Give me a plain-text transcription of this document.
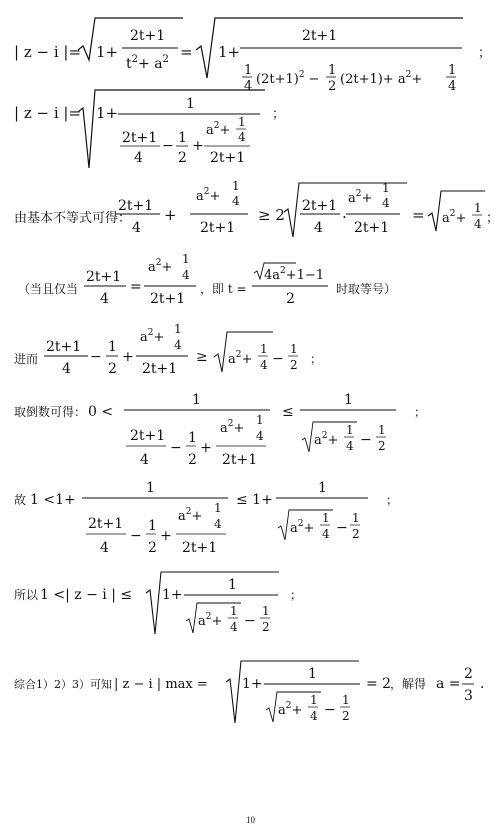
| z − i |= 1+
2t+1
$t^2+ a^2 = 1+$
2t+1
1
4 $(2t+1)^2$ −
1
2 $(2t+1)+ a^2+$
1
4
；
| z − i |= 1+	1
2t+1
4
− 1
2
+
$a^2+$
1
4
2t+1
；
由基本不等式可得：
2t+1
4
+
$a^2+$
1
4
2t+1
≥ 2 2t+1
4
.
$a^2+$
1
4
2t+1
= $a^2+$
1
4 ；
（当且仅当
2t+1
4
=
$a^2+$
1
4
2t+1
，即 t =
$4a^2+1-1$
2
时取等号）
进而
2t+1
4
−
1
2
+
$a^2+$
1
4
2t+1
≥ $a^2+$
1
4 −
1
2 ；
取倒数可得： 0 <
1
2t+1
4
−
1
2
+
$a^2+$
1
4
2t+1
≤
1
$a^2+$
1
4 −
1
2
；
故 1 <1+
1
2t+1
4
−
1
2
+
$a^2+$
1
4
2t+1
≤ 1+
1
$a^2+$
1
4 −
1
2
；
所以 1 <| z − i | ≤ 1+
1
$a^2+$
1
4 −
1
2
；
综合1）2）3）可知 | z − i | max = 1+
1
$a^2+$
1
4 −
1
2
= 2
，解得 a =
2
3
．
10
